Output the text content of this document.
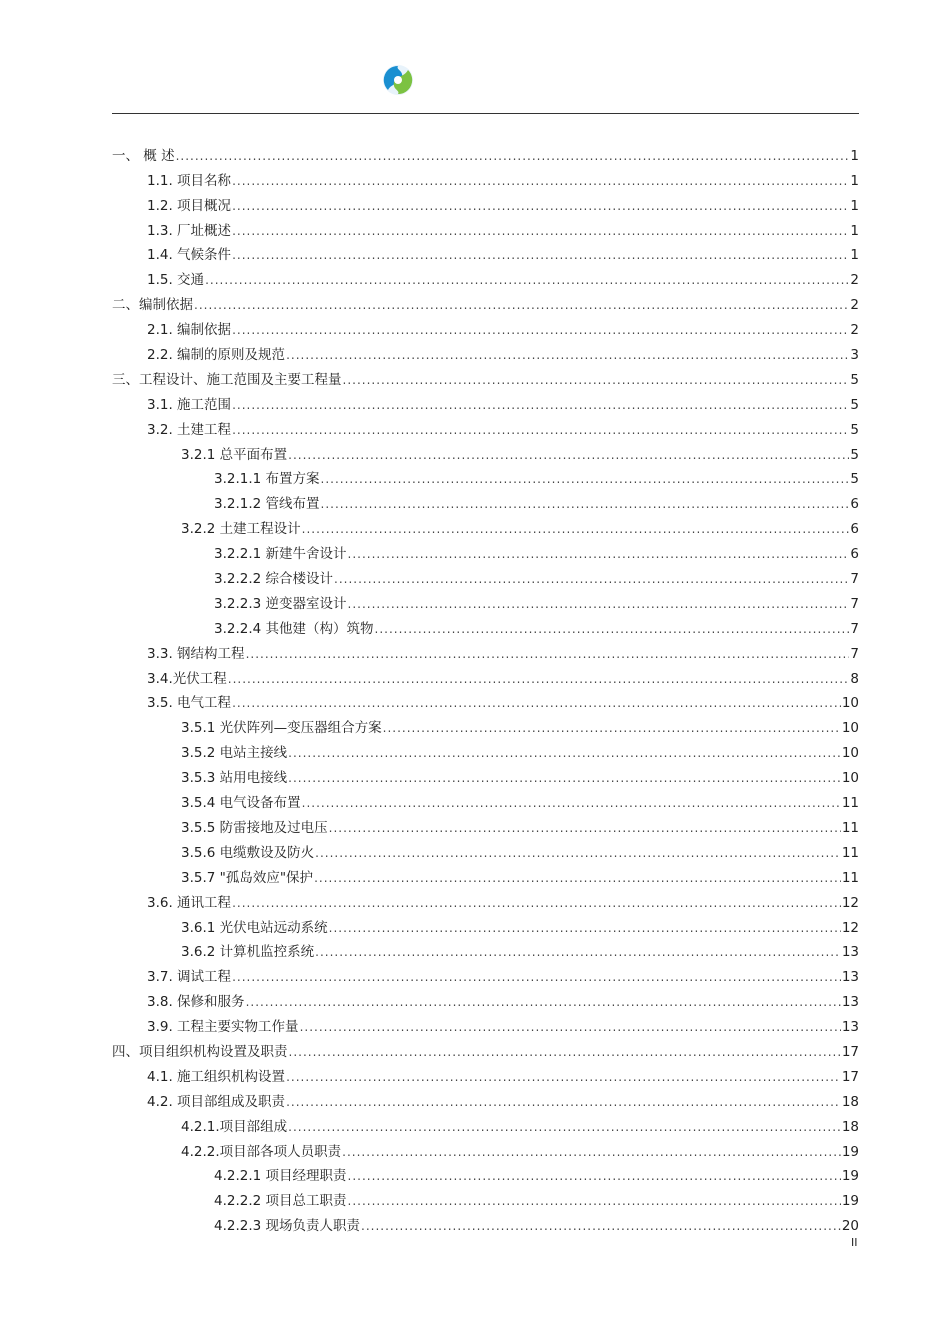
一、 概 述 .....	1
1.1. 项目名称 .....	1
1.2. 项目概况 .....	1
1.3. 厂址概述 .....	1
1.4. 气候条件 .....	1
1.5. 交通 .....	2
二、编制依据 .....	2
2.1. 编制依据 .....	2
2.2. 编制的原则及规范 .....	3
三、工程设计、施工范围及主要工程量 .....	5
3.1. 施工范围 .....	5
3.2. 土建工程 .....	5
3.2.1 总平面布置 .....	5
3.2.1.1 布置方案 .....	5
3.2.1.2 管线布置 .....	6
3.2.2 土建工程设计 .....	6
3.2.2.1 新建牛舍设计 .....	6
3.2.2.2 综合楼设计 .....	7
3.2.2.3 逆变器室设计 .....	7
3.2.2.4 其他建（构）筑物 .....	7
3.3. 钢结构工程 .....	7
3.4.光伏工程 .....	8
3.5. 电气工程 .....	10
3.5.1 光伏阵列—变压器组合方案 .....	10
3.5.2 电站主接线 .....	10
3.5.3 站用电接线 .....	10
3.5.4 电气设备布置 .....	11
3.5.5 防雷接地及过电压 .....	11
3.5.6 电缆敷设及防火 .....	11
3.5.7 "孤岛效应"保护 .....	11
3.6. 通讯工程 .....	12
3.6.1 光伏电站远动系统 .....	12
3.6.2 计算机监控系统 .....	13
3.7. 调试工程 .....	13
3.8. 保修和服务 .....	13
3.9. 工程主要实物工作量 .....	13
四、项目组织机构设置及职责 .....	17
4.1. 施工组织机构设置 .....	17
4.2. 项目部组成及职责 .....	18
4.2.1.项目部组成 .....	18
4.2.2.项目部各项人员职责 .....	19
4.2.2.1 项目经理职责 .....	19
4.2.2.2 项目总工职责 .....	19
4.2.2.3 现场负责人职责 .....	20
II
